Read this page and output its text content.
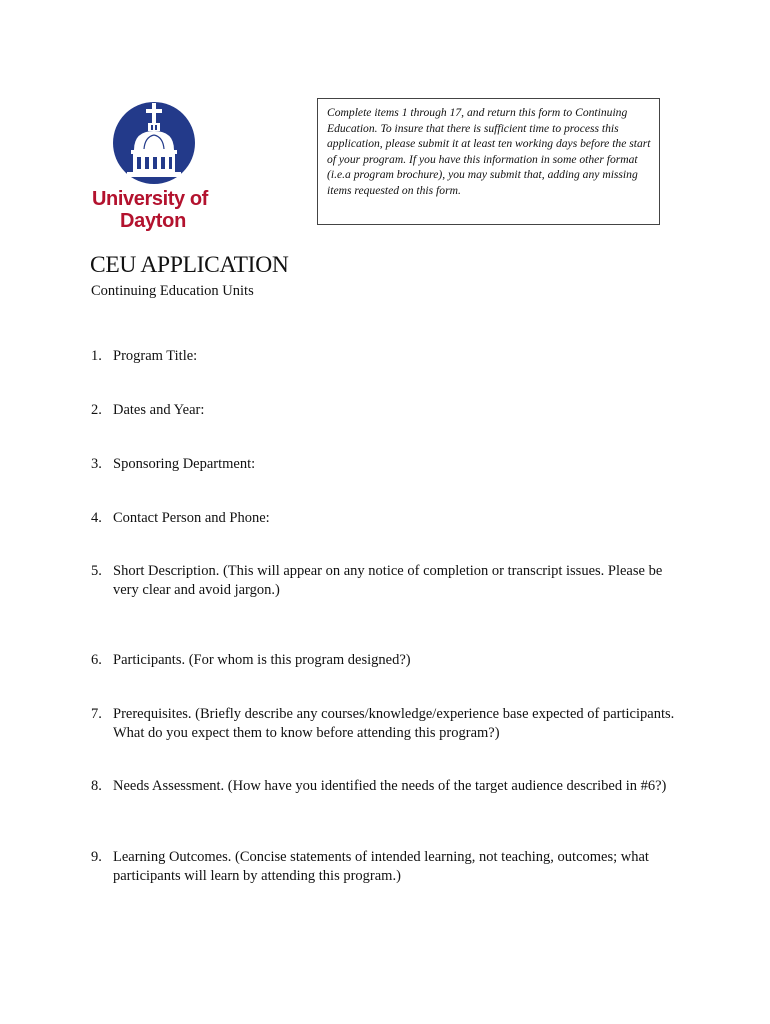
University of
Dayton
Complete items 1 through 17, and return this form to Continuing Education. To insure that there is sufficient time to process this application, please submit it at least ten working days before the start of your program. If you have this information in some other format (i.e.a program brochure), you may submit that, adding any missing items requested on this form.
CEU APPLICATION
Continuing Education Units
1. Program Title:
2. Dates and Year:
3. Sponsoring Department:
4. Contact Person and Phone:
5. Short Description. (This will appear on any notice of completion or transcript issues. Please be very clear and avoid jargon.)
6. Participants. (For whom is this program designed?)
7. Prerequisites. (Briefly describe any courses/knowledge/experience base expected of participants. What do you expect them to know before attending this program?)
8. Needs Assessment. (How have you identified the needs of the target audience described in #6?)
9. Learning Outcomes. (Concise statements of intended learning, not teaching, outcomes; what participants will learn by attending this program.)
